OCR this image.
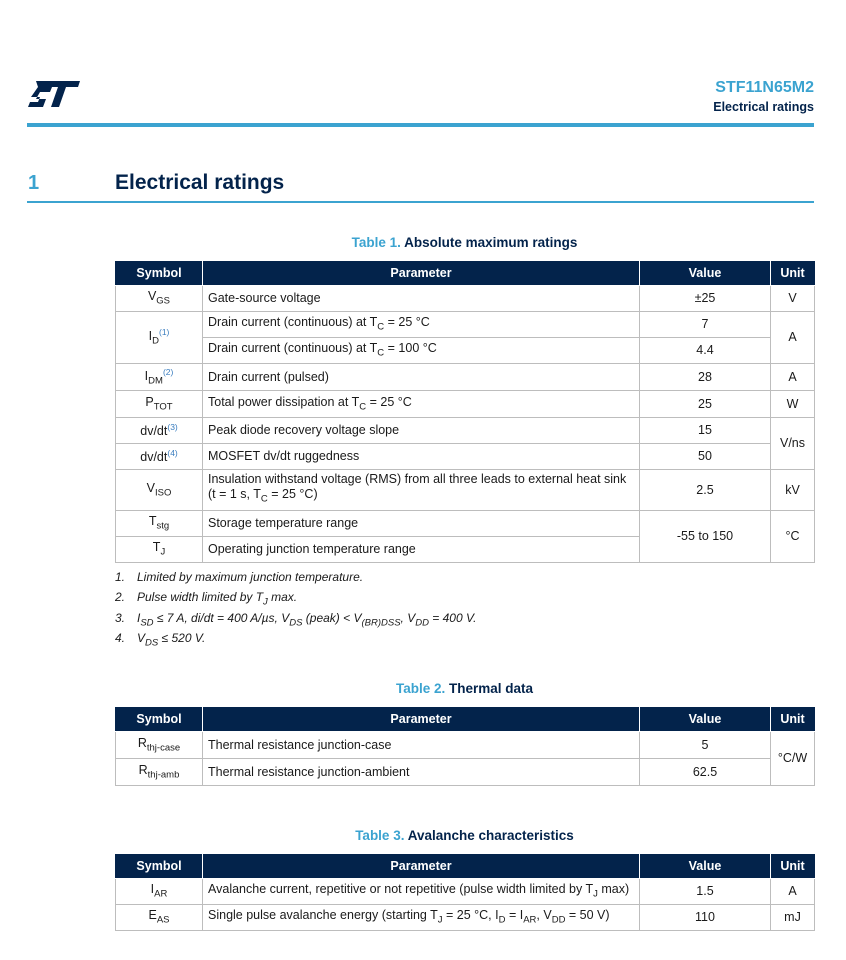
STF11N65M2
Electrical ratings
1	Electrical ratings
Table 1. Absolute maximum ratings
Symbol	Parameter	Value	Unit
$V_{GS}$	Gate-source voltage	±25	V
$I_D^{(1)}$	Drain current (continuous) at $T_C = 25$ °C	7	A
	Drain current (continuous) at $T_C = 100$ °C	4.4	
$I_{DM}^{(2)}$	Drain current (pulsed)	28	A
$P_{TOT}$	Total power dissipation at $T_C = 25$ °C	25	W
$dv/dt^{(3)}$	Peak diode recovery voltage slope	15	V/ns
$dv/dt^{(4)}$	MOSFET dv/dt ruggedness	50	
$V_{ISO}$	Insulation withstand voltage (RMS) from all three leads to external heat sink
(t = 1 s, $T_C = 25$ °C)	2.5	kV
$T_{stg}$	Storage temperature range	-55 to 150	°C
$T_J$	Operating junction temperature range		
1. Limited by maximum junction temperature.
2. Pulse width limited by $T_J$ max.
3. $I_{SD} \le 7$ A, di/dt = 400 A/µs, $V_{DS}$ (peak) < $V_{(BR)DSS}$, $V_{DD} = 400$ V.
4. $V_{DS} \le 520$ V.
Table 2. Thermal data
Symbol	Parameter	Value	Unit
$R_{thj-case}$	Thermal resistance junction-case	5	°C/W
$R_{thj-amb}$	Thermal resistance junction-ambient	62.5	
Table 3. Avalanche characteristics
Symbol	Parameter	Value	Unit
$I_{AR}$	Avalanche current, repetitive or not repetitive (pulse width limited by $T_J$ max)	1.5	A
$E_{AS}$	Single pulse avalanche energy (starting $T_J = 25$ °C, $I_D = I_{AR}$, $V_{DD} = 50$ V)	110	mJ
